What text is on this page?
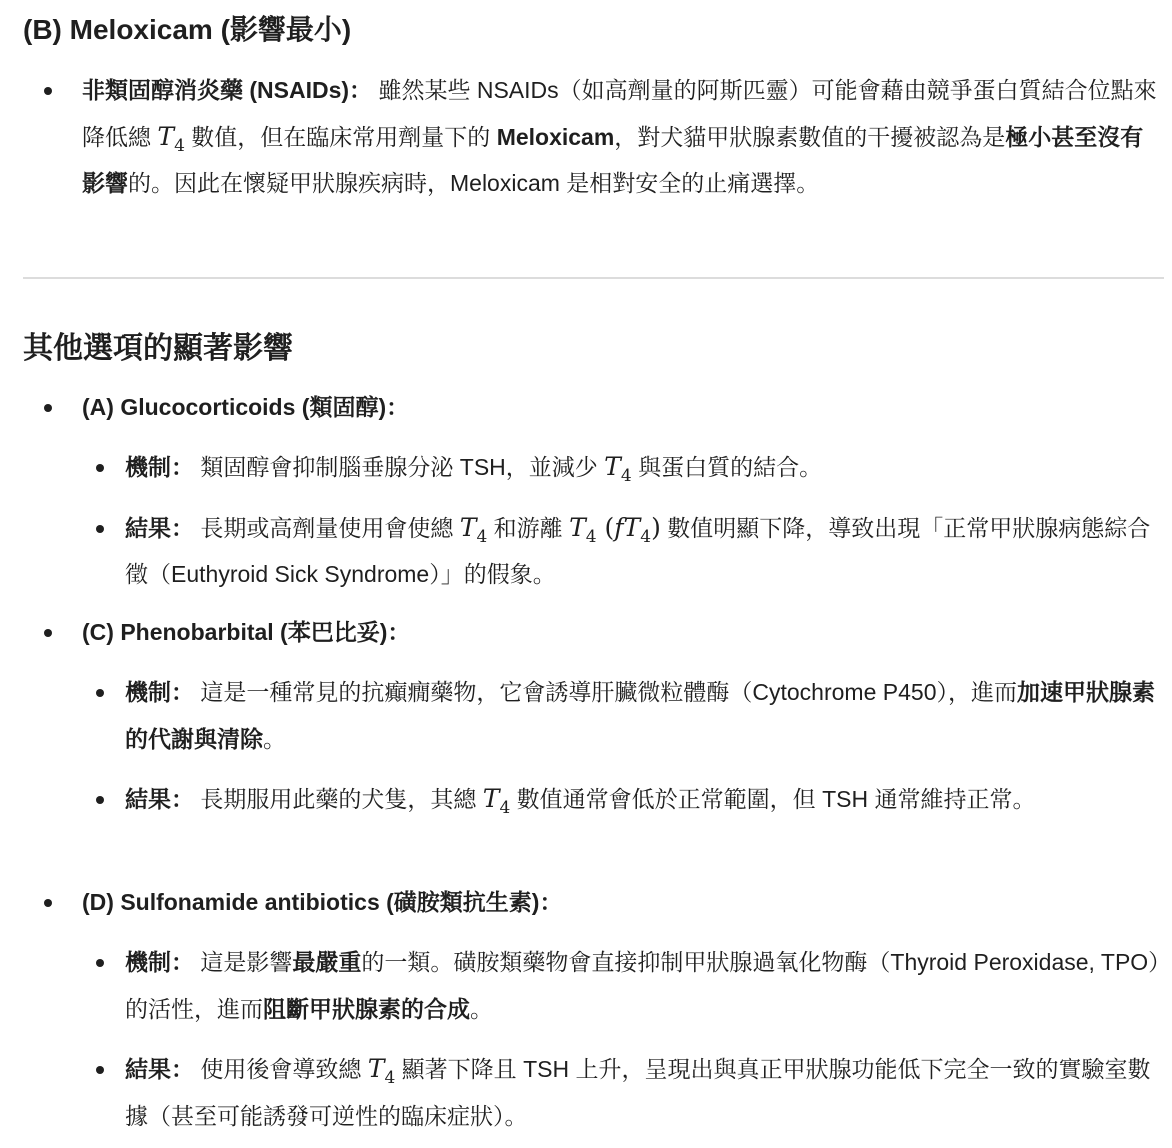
(B) Meloxicam (影響最小)
非類固醇消炎藥 (NSAIDs)： 雖然某些 NSAIDs（如高劑量的阿斯匹靈）可能會藉由競爭蛋白質結合位點來降低總 $T_4$ 數值，但在臨床常用劑量下的 Meloxicam，對犬貓甲狀腺素數值的干擾被認為是極小甚至沒有影響的。因此在懷疑甲狀腺疾病時，Meloxicam 是相對安全的止痛選擇。
其他選項的顯著影響
(A) Glucocorticoids (類固醇)：
機制： 類固醇會抑制腦垂腺分泌 TSH，並減少 $T_4$ 與蛋白質的結合。
結果： 長期或高劑量使用會使總 $T_4$ 和游離 $T_4$ $(fT_4)$ 數值明顯下降，導致出現「正常甲狀腺病態綜合徵（Euthyroid Sick Syndrome）」的假象。
(C) Phenobarbital (苯巴比妥)：
機制： 這是一種常見的抗癲癇藥物，它會誘導肝臟微粒體酶（Cytochrome P450），進而加速甲狀腺素的代謝與清除。
結果： 長期服用此藥的犬隻，其總 $T_4$ 數值通常會低於正常範圍，但 TSH 通常維持正常。
(D) Sulfonamide antibiotics (磺胺類抗生素)：
機制： 這是影響最嚴重的一類。磺胺類藥物會直接抑制甲狀腺過氧化物酶（Thyroid Peroxidase, TPO）的活性，進而阻斷甲狀腺素的合成。
結果： 使用後會導致總 $T_4$ 顯著下降且 TSH 上升，呈現出與真正甲狀腺功能低下完全一致的實驗室數據（甚至可能誘發可逆性的臨床症狀）。
